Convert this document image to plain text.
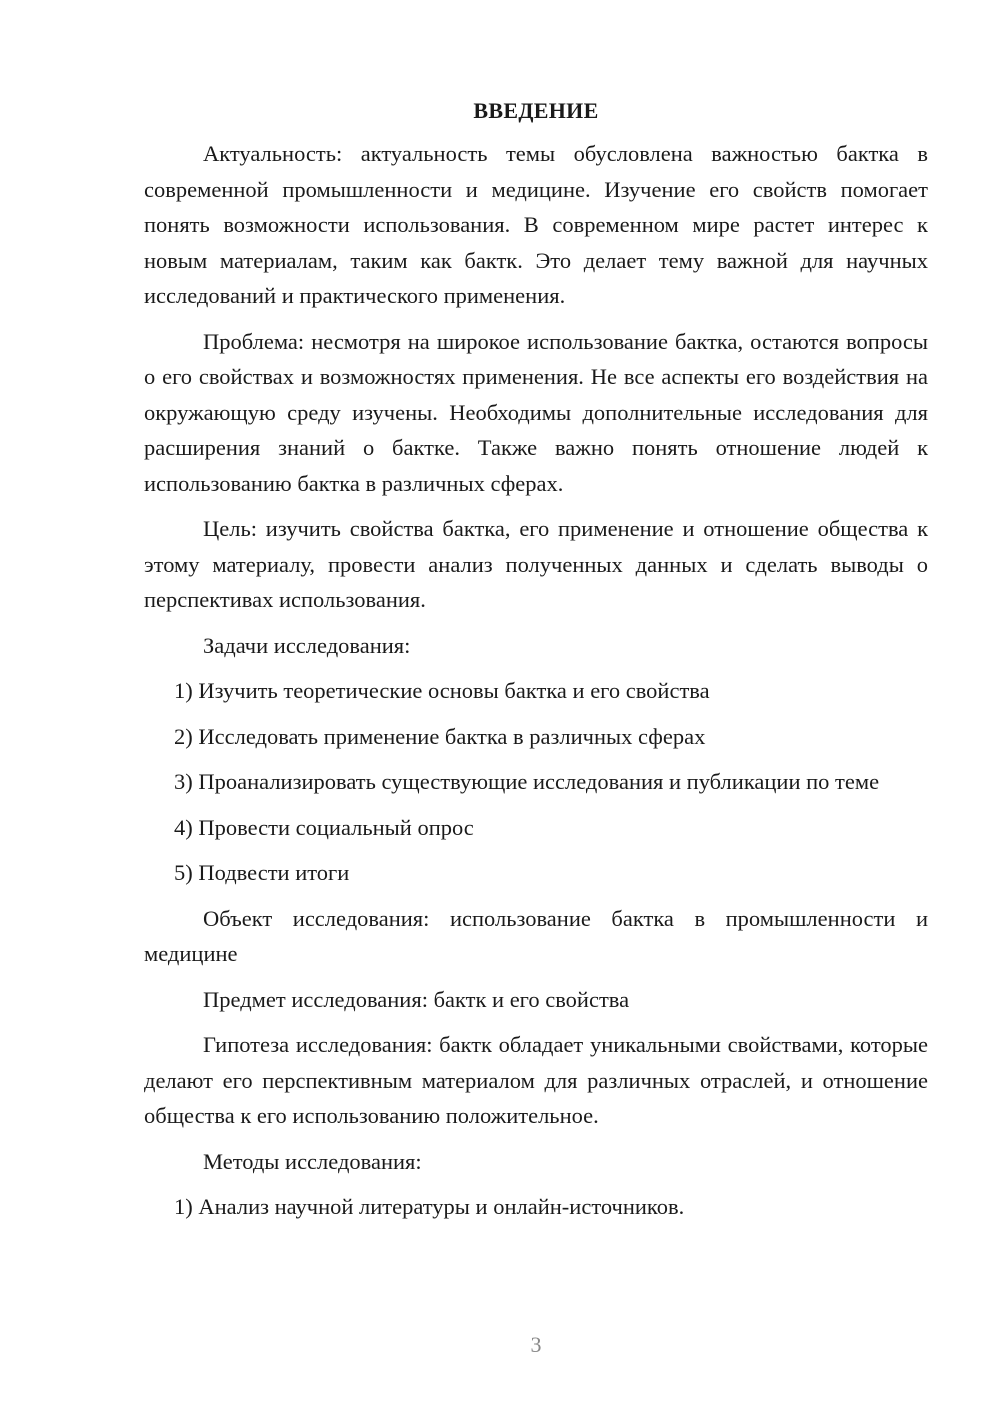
ВВЕДЕНИЕ

Актуальность: актуальность темы обусловлена важностью бактка в современной промышленности и медицине. Изучение его свойств помогает понять возможности использования. В современном мире растет интерес к новым материалам, таким как бактк. Это делает тему важной для научных исследований и практического применения.

Проблема: несмотря на широкое использование бактка, остаются вопросы о его свойствах и возможностях применения. Не все аспекты его воздействия на окружающую среду изучены. Необходимы дополнительные исследования для расширения знаний о бактке. Также важно понять отношение людей к использованию бактка в различных сферах.

Цель: изучить свойства бактка, его применение и отношение общества к этому материалу, провести анализ полученных данных и сделать выводы о перспективах использования.

Задачи исследования:

1) Изучить теоретические основы бактка и его свойства

2) Исследовать применение бактка в различных сферах

3) Проанализировать существующие исследования и публикации по теме

4) Провести социальный опрос

5) Подвести итоги

Объект исследования: использование бактка в промышленности и медицине

Предмет исследования: бактк и его свойства

Гипотеза исследования: бактк обладает уникальными свойствами, которые делают его перспективным материалом для различных отраслей, и отношение общества к его использованию положительное.

Методы исследования:

1) Анализ научной литературы и онлайн-источников.

3
